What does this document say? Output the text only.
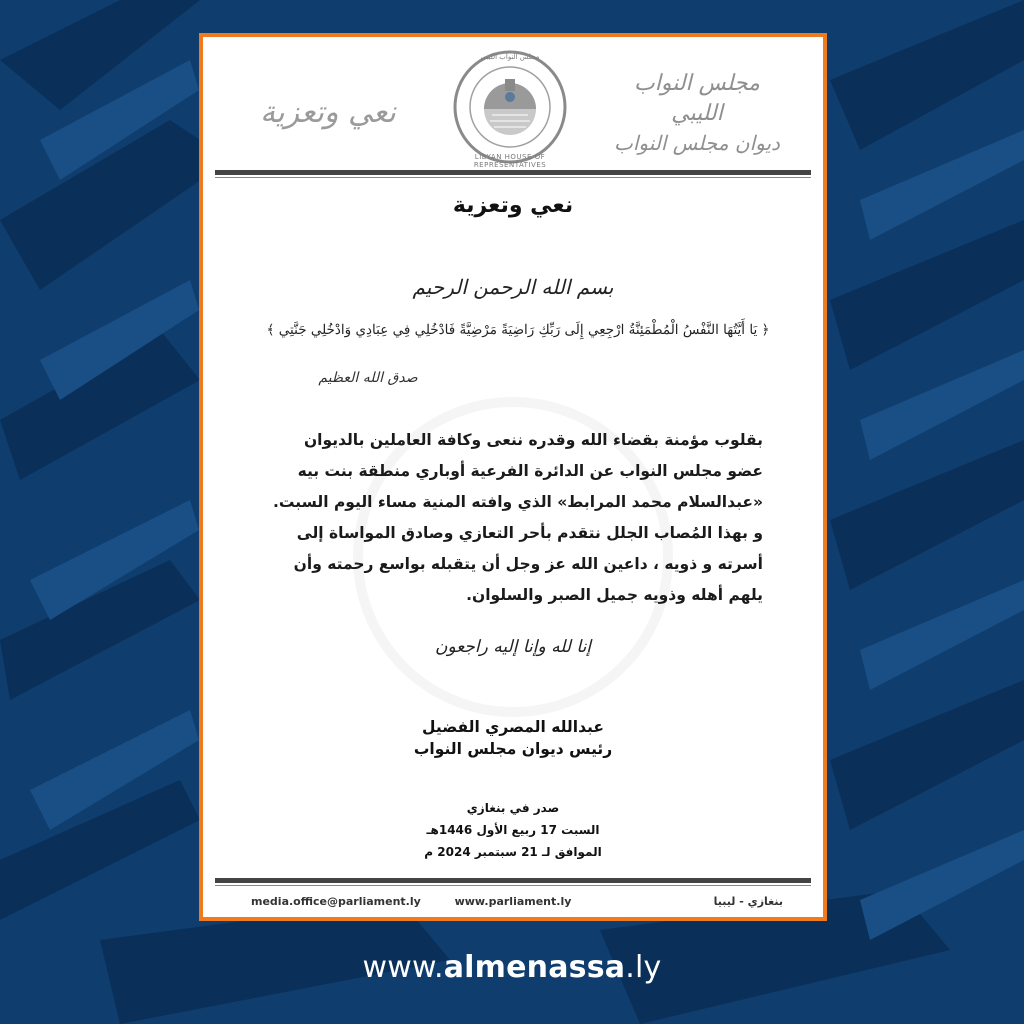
مجلس النواب الليبي
ديوان مجلس النواب
مجلس النواب الليبي
LIBYAN HOUSE OF REPRESENTATIVES
نعي وتعزية
نعي وتعزية
بسم الله الرحمن الرحيم
﴿ يَا أَيَّتُهَا النَّفْسُ الْمُطْمَئِنَّةُ ارْجِعِي إِلَى رَبِّكِ رَاضِيَةً مَرْضِيَّةً فَادْخُلِي فِي عِبَادِي وَادْخُلِي جَنَّتِي ﴾
صدق الله العظيم
بقلوب مؤمنة بقضاء الله وقدره ننعى وكافة العاملين بالديوان
عضو مجلس النواب عن الدائرة الفرعية أوباري منطقة بنت بيه
«عبدالسلام محمد المرابط» الذي وافته المنية مساء اليوم السبت.
و بهذا المُصاب الجلل نتقدم بأحر التعازي وصادق المواساة إلى
أسرته و ذويه ، داعين الله عز وجل أن يتقبله بواسع رحمته وأن
يلهم أهله وذويه جميل الصبر والسلوان.
إنا لله وإنا إليه راجعون
عبدالله المصري الفضيل
رئيس ديوان مجلس النواب
صدر في بنغازي
السبت 17 ربيع الأول 1446هـ
الموافق لـ 21 سبتمبر 2024 م
media.office@parliament.ly	www.parliament.ly	بنغازي - ليبيا
www.almenassa.ly
